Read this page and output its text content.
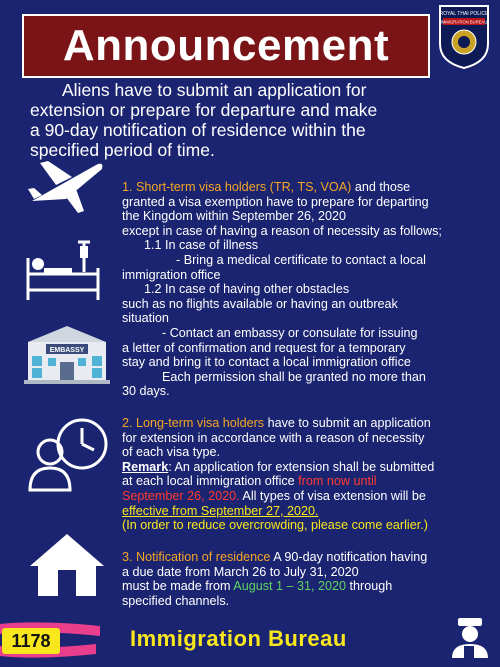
Announcement
ROYAL THAI POLICE
IMMIGRATION BUREAU
Aliens have to submit an application for
extension or prepare for departure and make
a 90-day notification of residence within the
specified period of time.
EMBASSY

1. Short-term visa holders (TR, TS, VOA) and those

granted a visa exemption have to prepare for departing

the Kingdom within September 26, 2020

except in case of having a reason of necessity as follows;

1.1 In case of illness

- Bring a medical certificate to contact a local

immigration office

1.2 In case of having other obstacles

such as no flights available or having an outbreak

situation

- Contact an embassy or consulate for issuing

a letter of confirmation and request for a temporary

stay and bring it to contact a local immigration office

Each permission shall be granted no more than

30 days.

2. Long-term visa holders have to submit an application

for extension in accordance with a reason of necessity

of each visa type.

Remark: An application for extension shall be submitted

at each local immigration office from now until

September 26, 2020. All types of visa extension will be

effective from September 27, 2020.

(In order to reduce overcrowding, please come earlier.)

3. Notification of residence A 90-day notification having

a due date from March 26 to July 31, 2020

must be made from August 1 – 31, 2020 through

specified channels.

1178	Immigration Bureau
